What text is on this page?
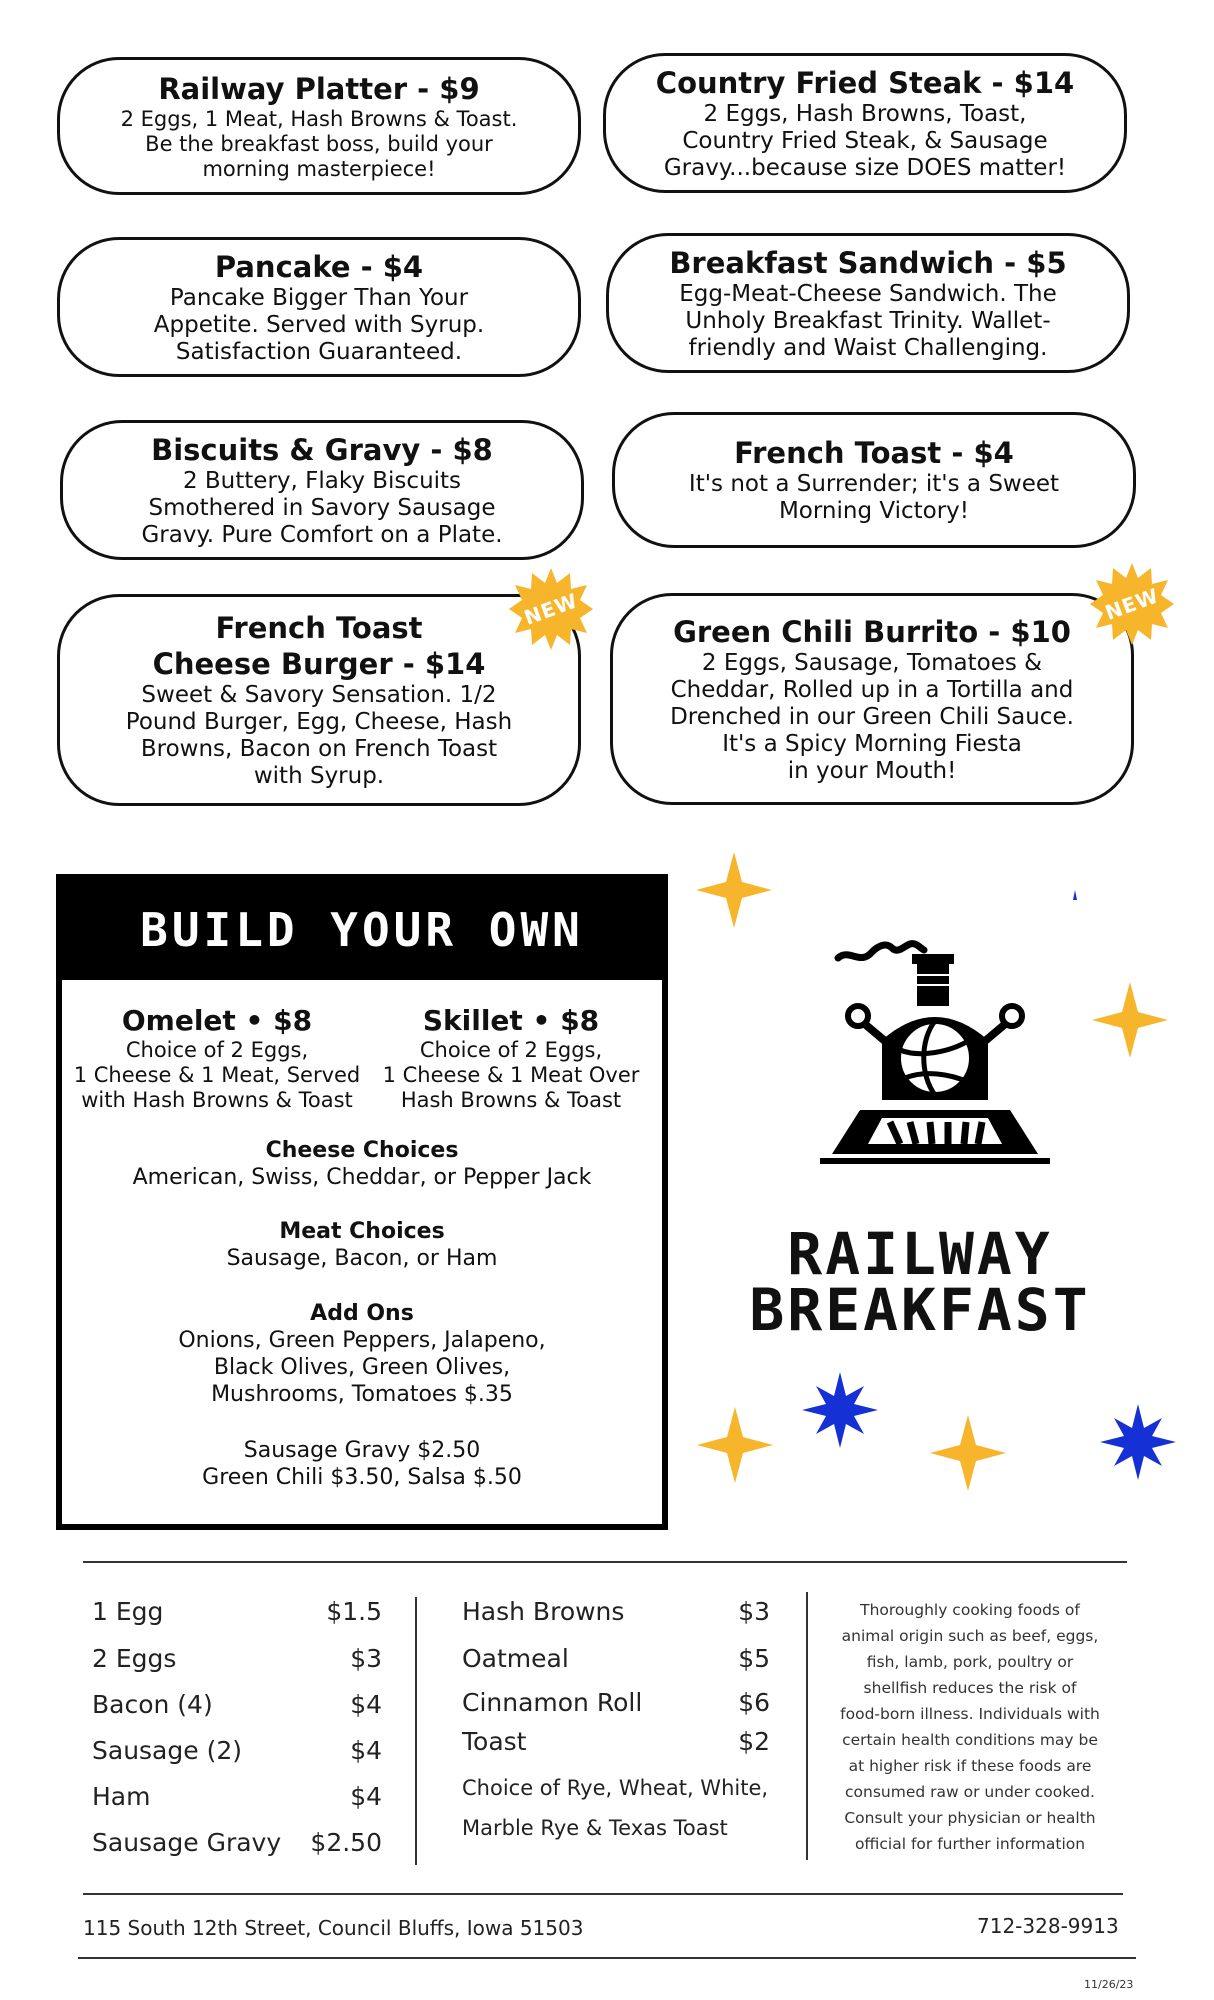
Railway Platter - $9
2 Eggs, 1 Meat, Hash Browns & Toast.
Be the breakfast boss, build your
morning masterpiece!
Country Fried Steak - $14
2 Eggs, Hash Browns, Toast,
Country Fried Steak, & Sausage
Gravy...because size DOES matter!
Pancake - $4
Pancake Bigger Than Your
Appetite. Served with Syrup.
Satisfaction Guaranteed.
Breakfast Sandwich - $5
Egg-Meat-Cheese Sandwich. The
Unholy Breakfast Trinity. Wallet-
friendly and Waist Challenging.
Biscuits & Gravy - $8
2 Buttery, Flaky Biscuits
Smothered in Savory Sausage
Gravy. Pure Comfort on a Plate.
French Toast - $4
It's not a Surrender; it's a Sweet
Morning Victory!
French Toast
Cheese Burger - $14
Sweet & Savory Sensation. 1/2
Pound Burger, Egg, Cheese, Hash
Browns, Bacon on French Toast
with Syrup.
Green Chili Burrito - $10
2 Eggs, Sausage, Tomatoes &
Cheddar, Rolled up in a Tortilla and
Drenched in our Green Chili Sauce.
It's a Spicy Morning Fiesta
in your Mouth!
NEW	NEW
BUILD YOUR OWN
Omelet • $8
Choice of 2 Eggs,
1 Cheese & 1 Meat, Served
with Hash Browns & Toast
Skillet • $8
Choice of 2 Eggs,
1 Cheese & 1 Meat Over
Hash Browns & Toast
Cheese Choices
American, Swiss, Cheddar, or Pepper Jack
Meat Choices
Sausage, Bacon, or Ham
Add Ons
Onions, Green Peppers, Jalapeno,
Black Olives, Green Olives,
Mushrooms, Tomatoes $.35
Sausage Gravy $2.50
Green Chili $3.50, Salsa $.50
RAILWAY
BREAKFAST
1 Egg	$1.5
2 Eggs	$3
Bacon (4)	$4
Sausage (2)	$4
Ham	$4
Sausage Gravy $2.50
Hash Browns	$3
Oatmeal	$5
Cinnamon Roll	$6
Toast	$2
Choice of Rye, Wheat, White,
Marble Rye & Texas Toast
Thoroughly cooking foods of
animal origin such as beef, eggs,
fish, lamb, pork, poultry or
shellfish reduces the risk of
food-born illness. Individuals with
certain health conditions may be
at higher risk if these foods are
consumed raw or under cooked.
Consult your physician or health
official for further information
115 South 12th Street, Council Bluffs, Iowa 51503	712-328-9913
11/26/23
